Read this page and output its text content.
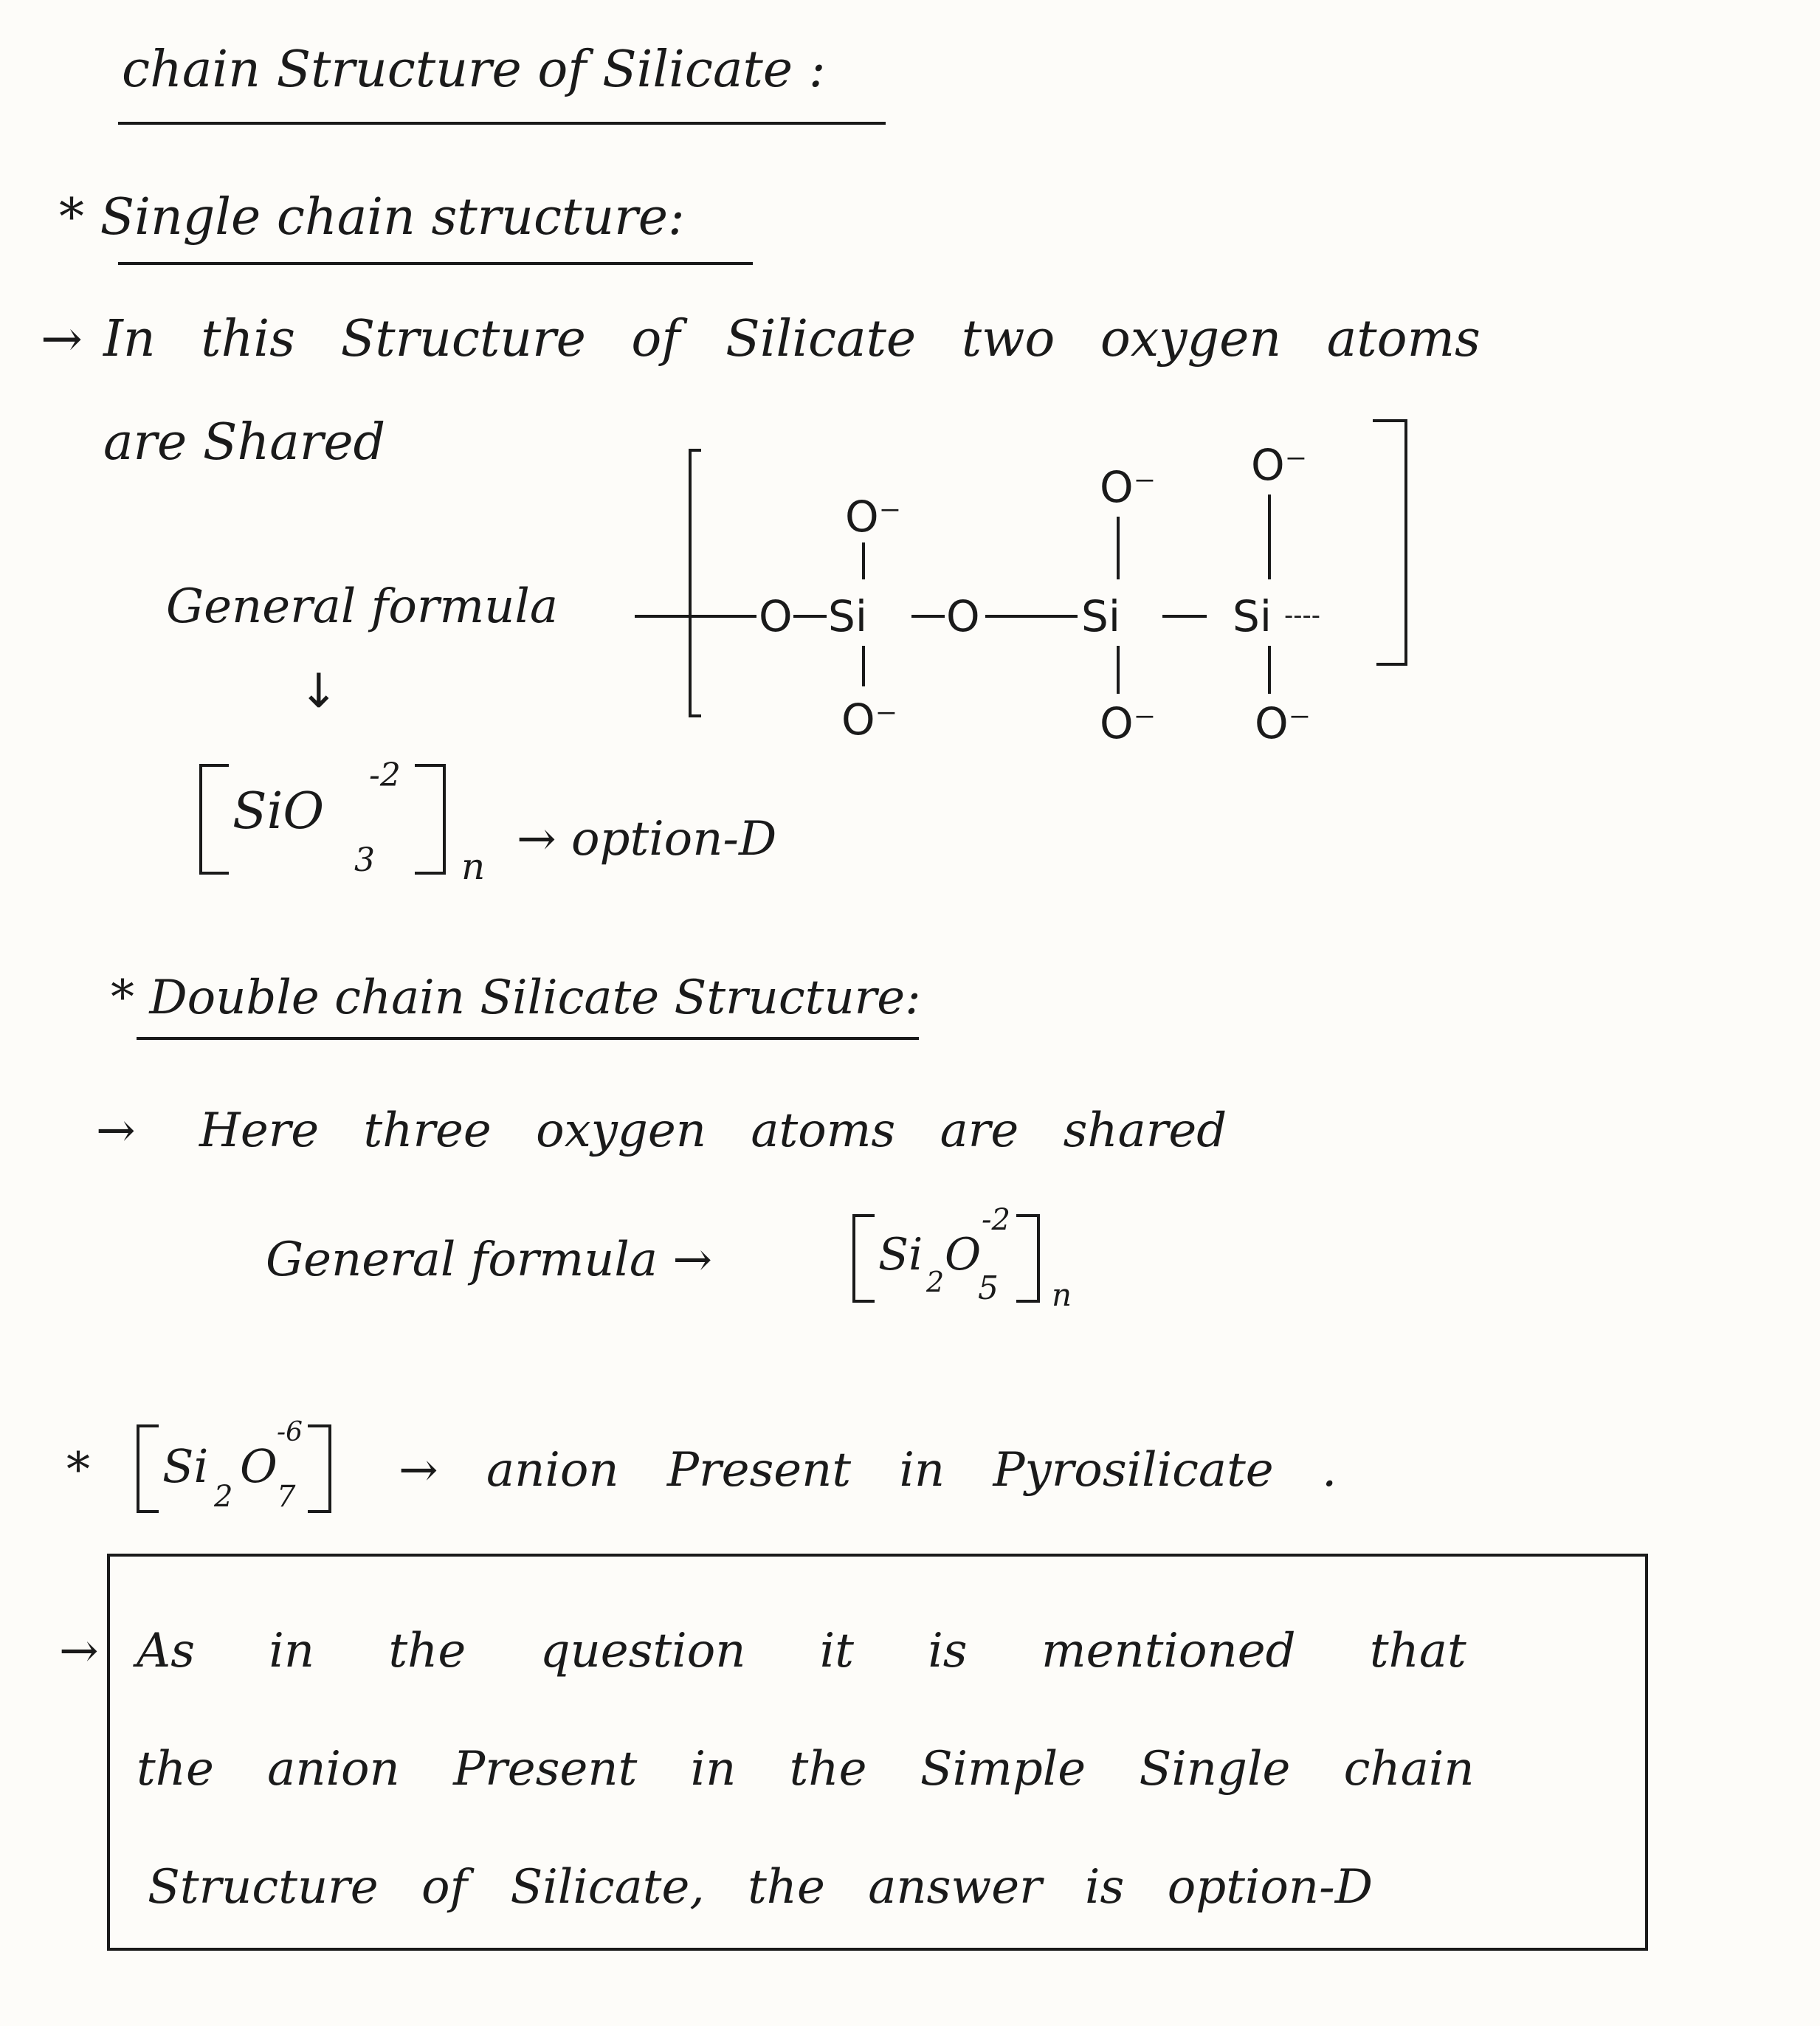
chain Structure of Silicate :
* Single chain structure:
→ In this Structure of Silicate two oxygen atoms
are Shared
General formula
↓
SiO
3
-2
n → option-D
O Si O Si	Si ----
O⁻
O⁻
O⁻
O⁻
O⁻
O⁻
* Double chain Silicate Structure:
→ Here three oxygen atoms are shared
General formula →	Si
2
O
5
-2
n
* Si
2
O
7
-6
→ anion Present in Pyrosilicate .
→ As in the question it is mentioned that
the anion Present in the Simple Single chain
Structure of Silicate, the answer is option-D
